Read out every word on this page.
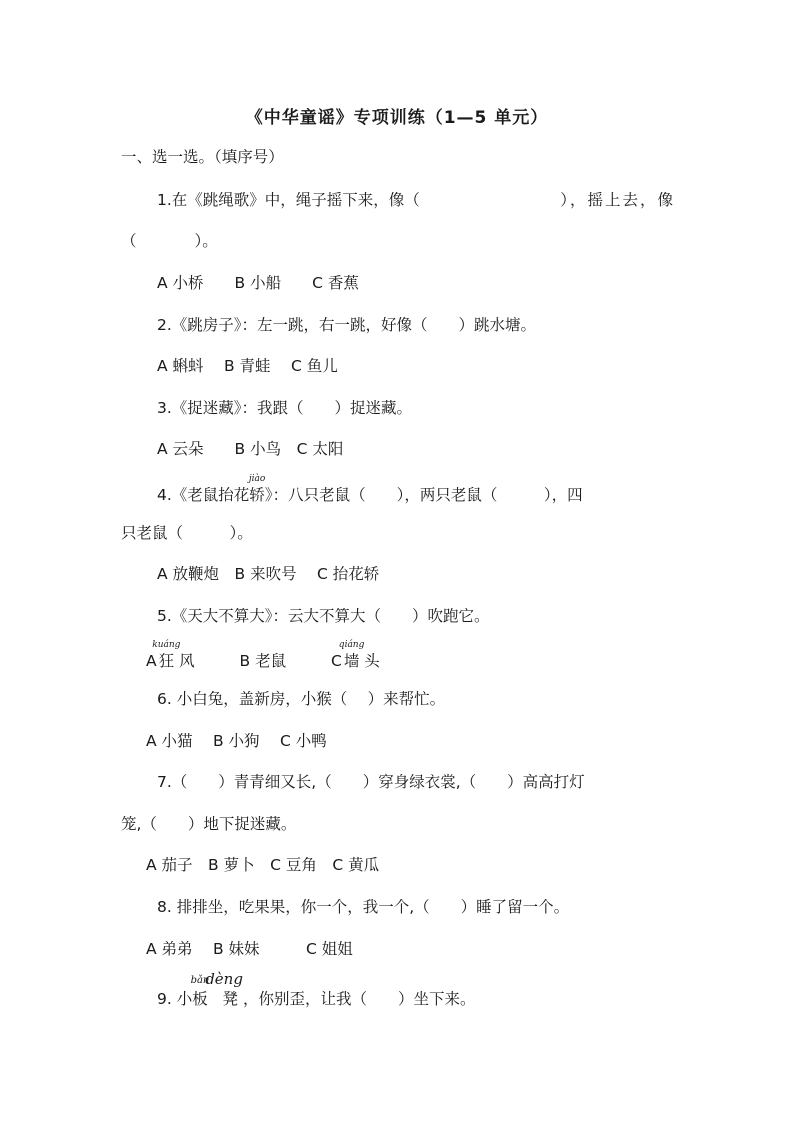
《中华童谣》专项训练（1—5 单元）
一、选一选。（填序号）
1.在《跳绳歌》中，绳子摇下来，像（	），摇上去，像
（	）。
A 小桥　　B 小船　　C 香蕉
2.《跳房子》：左一跳，右一跳，好像（　　）跳水塘。
A 蝌蚪　 B 青蛙　 C 鱼儿
3.《捉迷藏》：我跟（　　）捉迷藏。
A 云朵　　B 小鸟　C 太阳
4.《老鼠抬花
jiào
轿》：八只老鼠（　　），两只老鼠（　　　），四
只老鼠（　　　）。
A 放鞭炮　B 来吹号　 C 抬花轿
5.《天大不算大》：云大不算大（　　）吹跑它。
A
kuáng
狂 风	B 老鼠	C
qiáng
墙 头
6. 小白兔，盖新房，小猴（　 ）来帮忙。
A 小猫　 B 小狗　 C 小鸭
7.（　　）青青细又长,（　　）穿身绿衣裳,（　　）高高打灯
笼,（　　）地下捉迷藏。
A 茄子　B 萝卜　C 豆角　C 黄瓜
8. 排排坐，吃果果，你一个，我一个,（　　）睡了留一个。
A 弟弟　 B 妹妹　　　C 姐姐
9. 小
bǎn
板
dèng
凳 ，你别歪，让我（　　）坐下来。
